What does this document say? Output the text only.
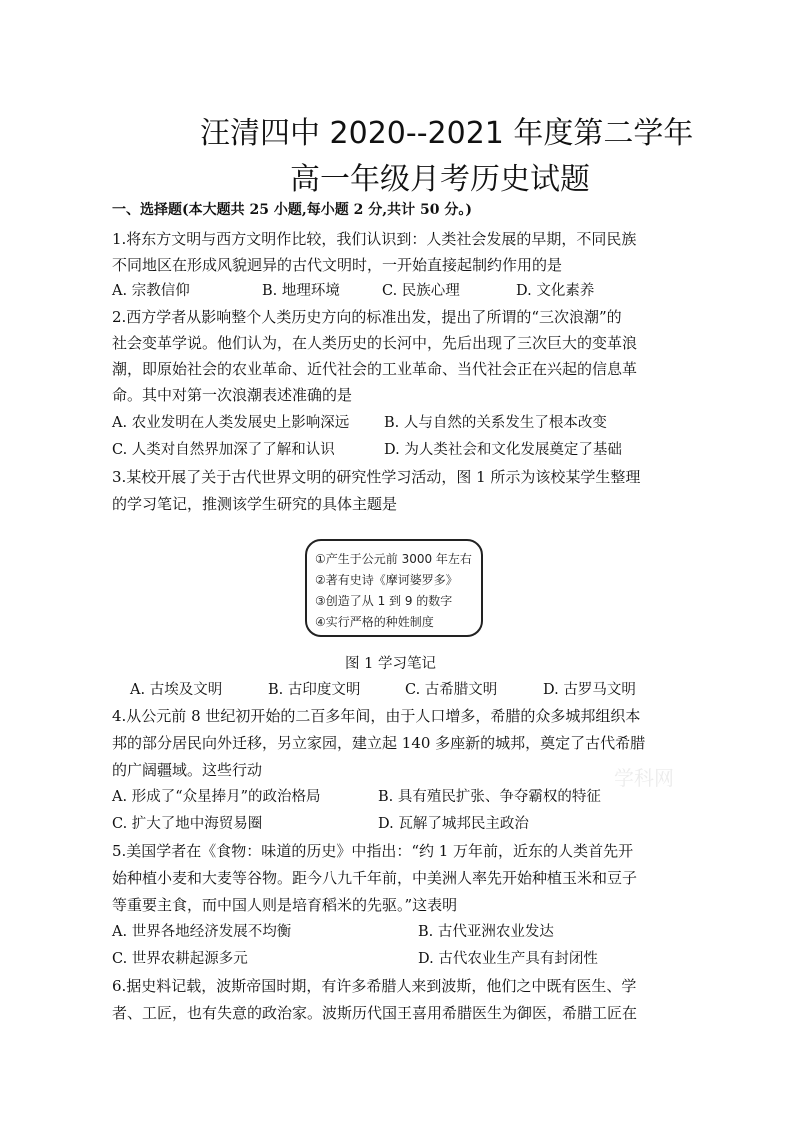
汪清四中 2020--2021 年度第二学年
高一年级月考历史试题
一、选择题(本大题共 25 小题,每小题 2 分,共计 50 分。)
1.将东方文明与西方文明作比较，我们认识到：人类社会发展的早期，不同民族
不同地区在形成风貌迥异的古代文明时，一开始直接起制约作用的是
A. 宗教信仰	B. 地理环境	C. 民族心理	D. 文化素养
2.西方学者从影响整个人类历史方向的标准出发，提出了所谓的“三次浪潮”的
社会变革学说。他们认为，在人类历史的长河中，先后出现了三次巨大的变革浪
潮，即原始社会的农业革命、近代社会的工业革命、当代社会正在兴起的信息革
命。其中对第一次浪潮表述准确的是
A. 农业发明在人类发展史上影响深远 B. 人与自然的关系发生了根本改变
C. 人类对自然界加深了了解和认识	D. 为人类社会和文化发展奠定了基础
3.某校开展了关于古代世界文明的研究性学习活动，图 1 所示为该校某学生整理
的学习笔记，推测该学生研究的具体主题是
①产生于公元前 3000 年左右
②著有史诗《摩诃婆罗多》
③创造了从 1 到 9 的数字
④实行严格的种姓制度
图 1 学习笔记
A. 古埃及文明	B. 古印度文明	C. 古希腊文明	D. 古罗马文明
4.从公元前 8 世纪初开始的二百多年间，由于人口增多，希腊的众多城邦组织本
邦的部分居民向外迁移，另立家园，建立起 140 多座新的城邦，奠定了古代希腊
的广阔疆域。这些行动
A. 形成了“众星捧月”的政治格局	B. 具有殖民扩张、争夺霸权的特征
C. 扩大了地中海贸易圈	D. 瓦解了城邦民主政治
学科网
5.美国学者在《食物：味道的历史》中指出：“约 1 万年前，近东的人类首先开
始种植小麦和大麦等谷物。距今八九千年前，中美洲人率先开始种植玉米和豆子
等重要主食，而中国人则是培育稻米的先驱。”这表明
A. 世界各地经济发展不均衡	B. 古代亚洲农业发达
C. 世界农耕起源多元	D. 古代农业生产具有封闭性
6.据史料记载，波斯帝国时期，有许多希腊人来到波斯，他们之中既有医生、学
者、工匠，也有失意的政治家。波斯历代国王喜用希腊医生为御医，希腊工匠在
